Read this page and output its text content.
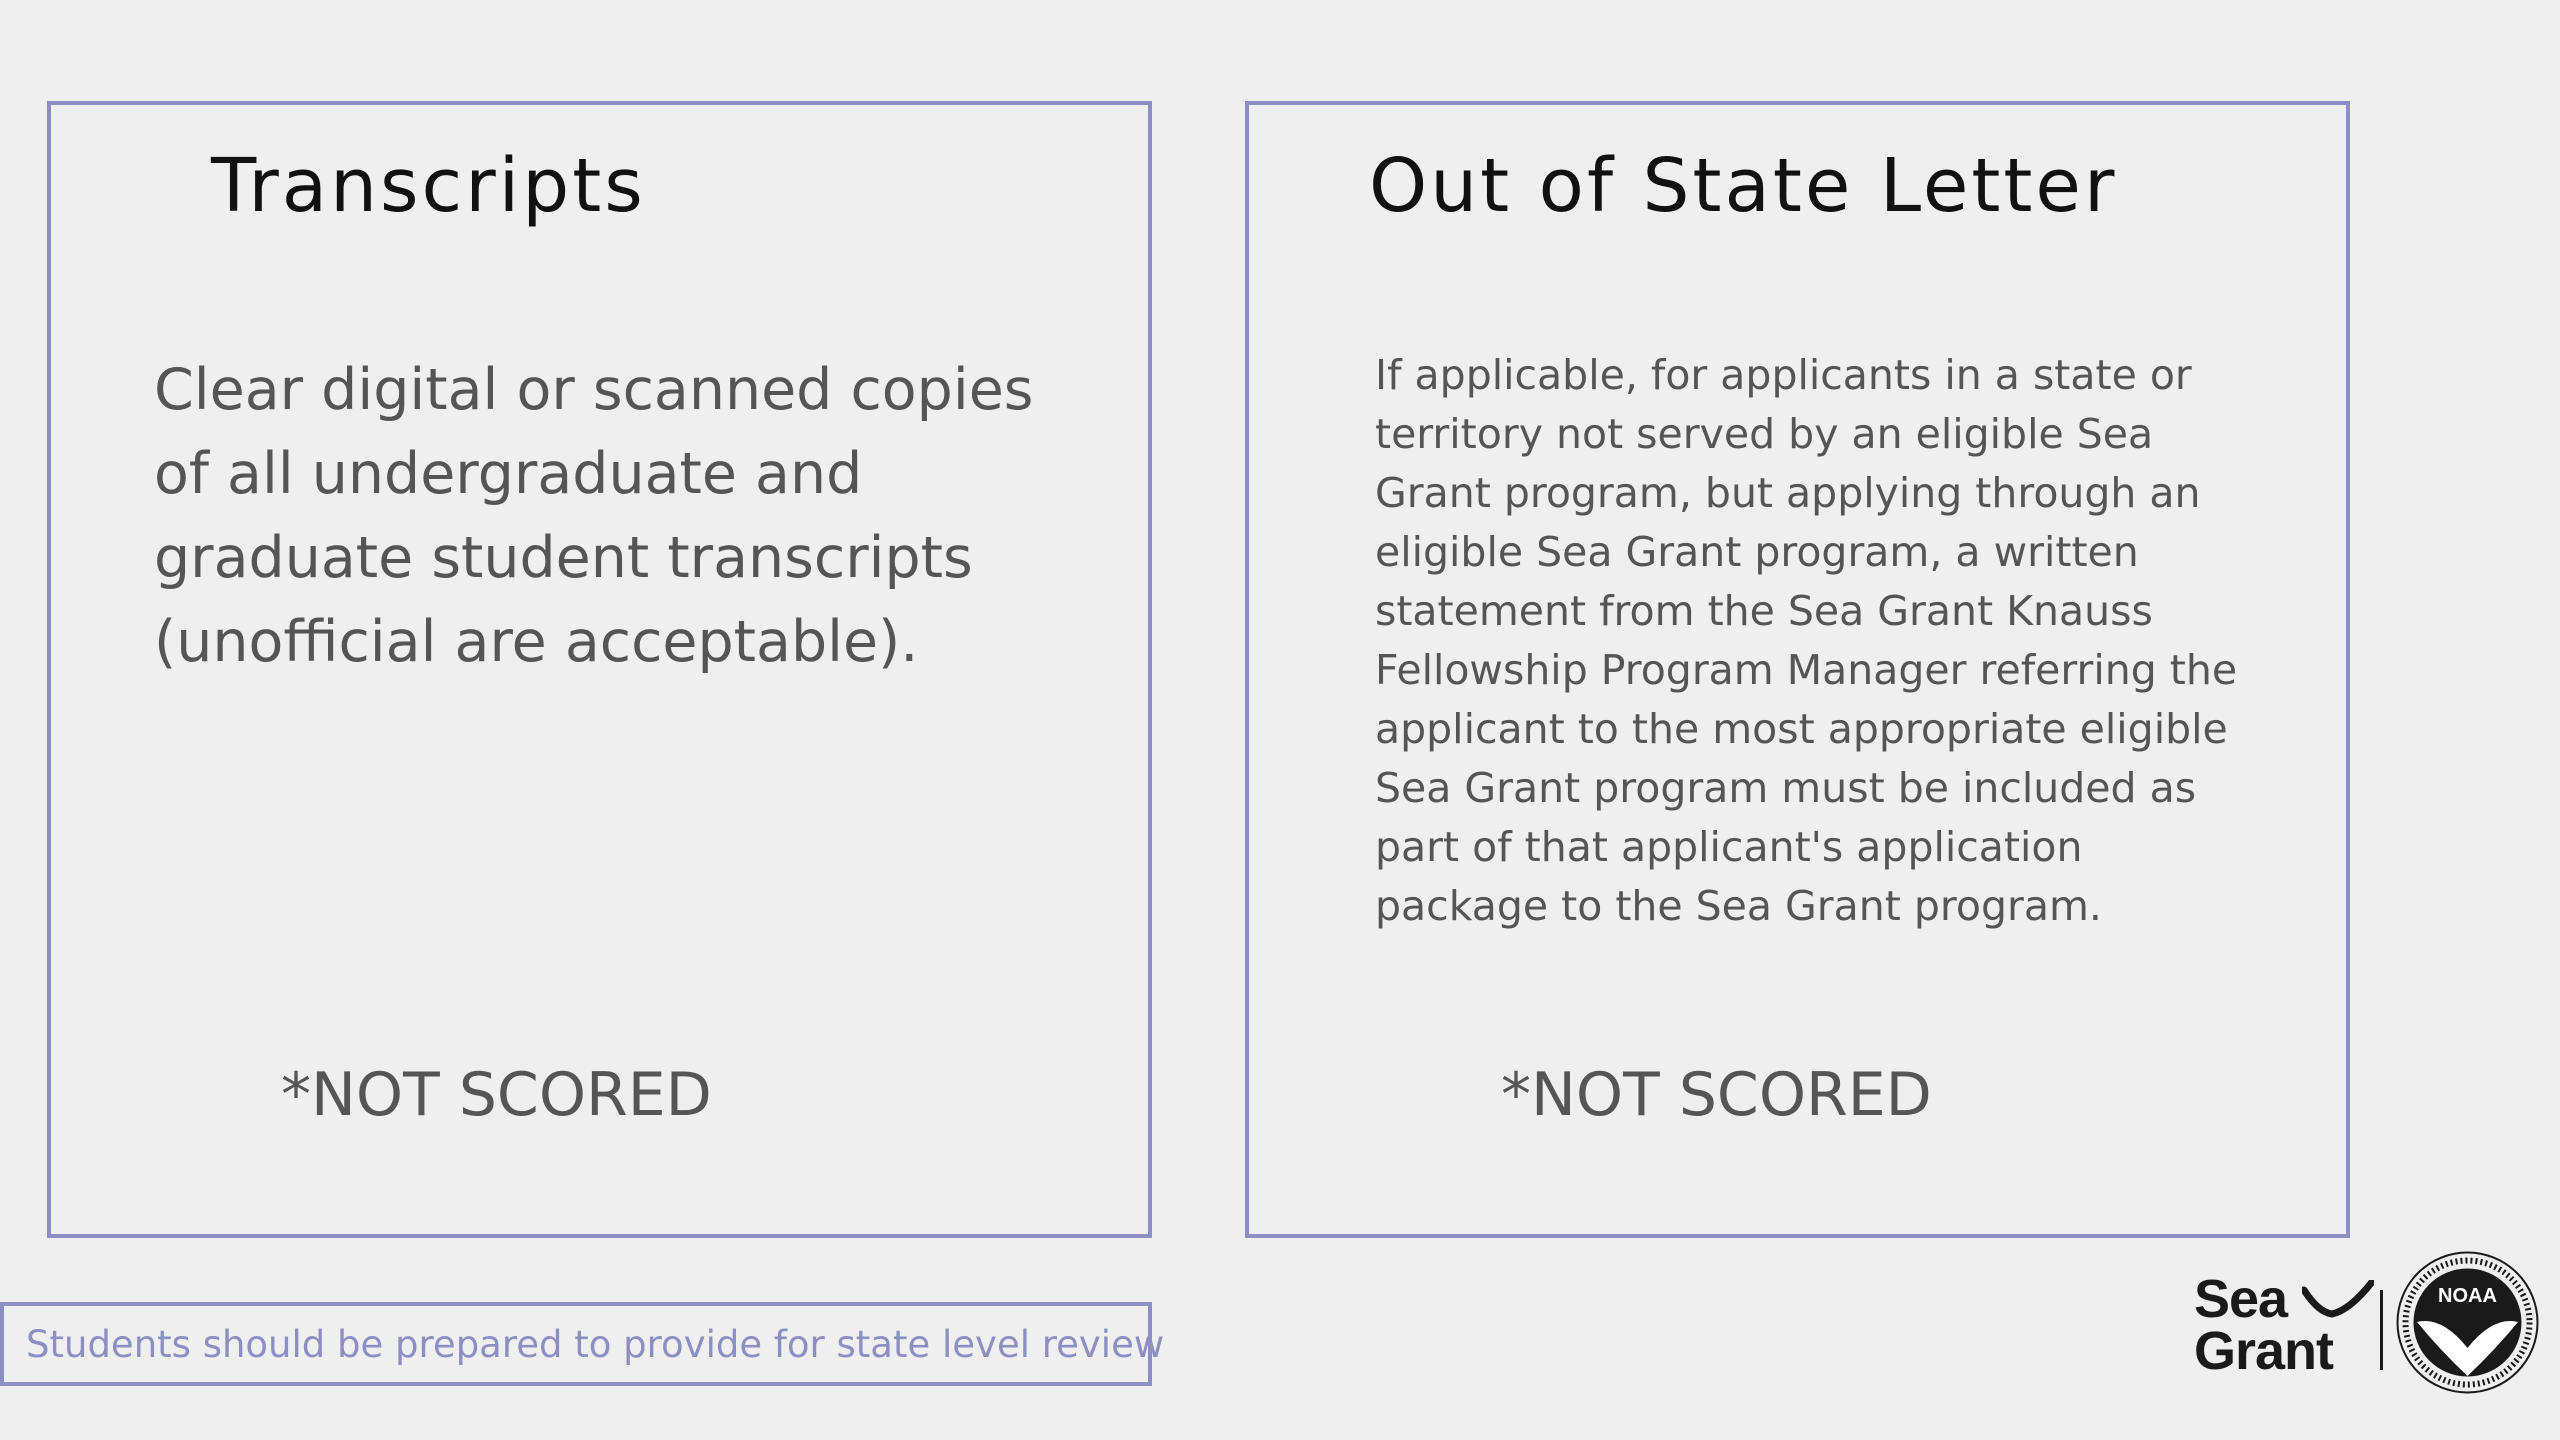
Transcripts

Clear digital or scanned copies of all undergraduate and graduate student transcripts (unofficial are acceptable).

*NOT SCORED

Out of State Letter

If applicable, for applicants in a state or territory not served by an eligible Sea Grant program, but applying through an eligible Sea Grant program, a written statement from the Sea Grant Knauss Fellowship Program Manager referring the applicant to the most appropriate eligible Sea Grant program must be included as part of that applicant's application package to the Sea Grant program.

*NOT SCORED

Students should be prepared to provide for state level review
Sea
Grant
NOAA
